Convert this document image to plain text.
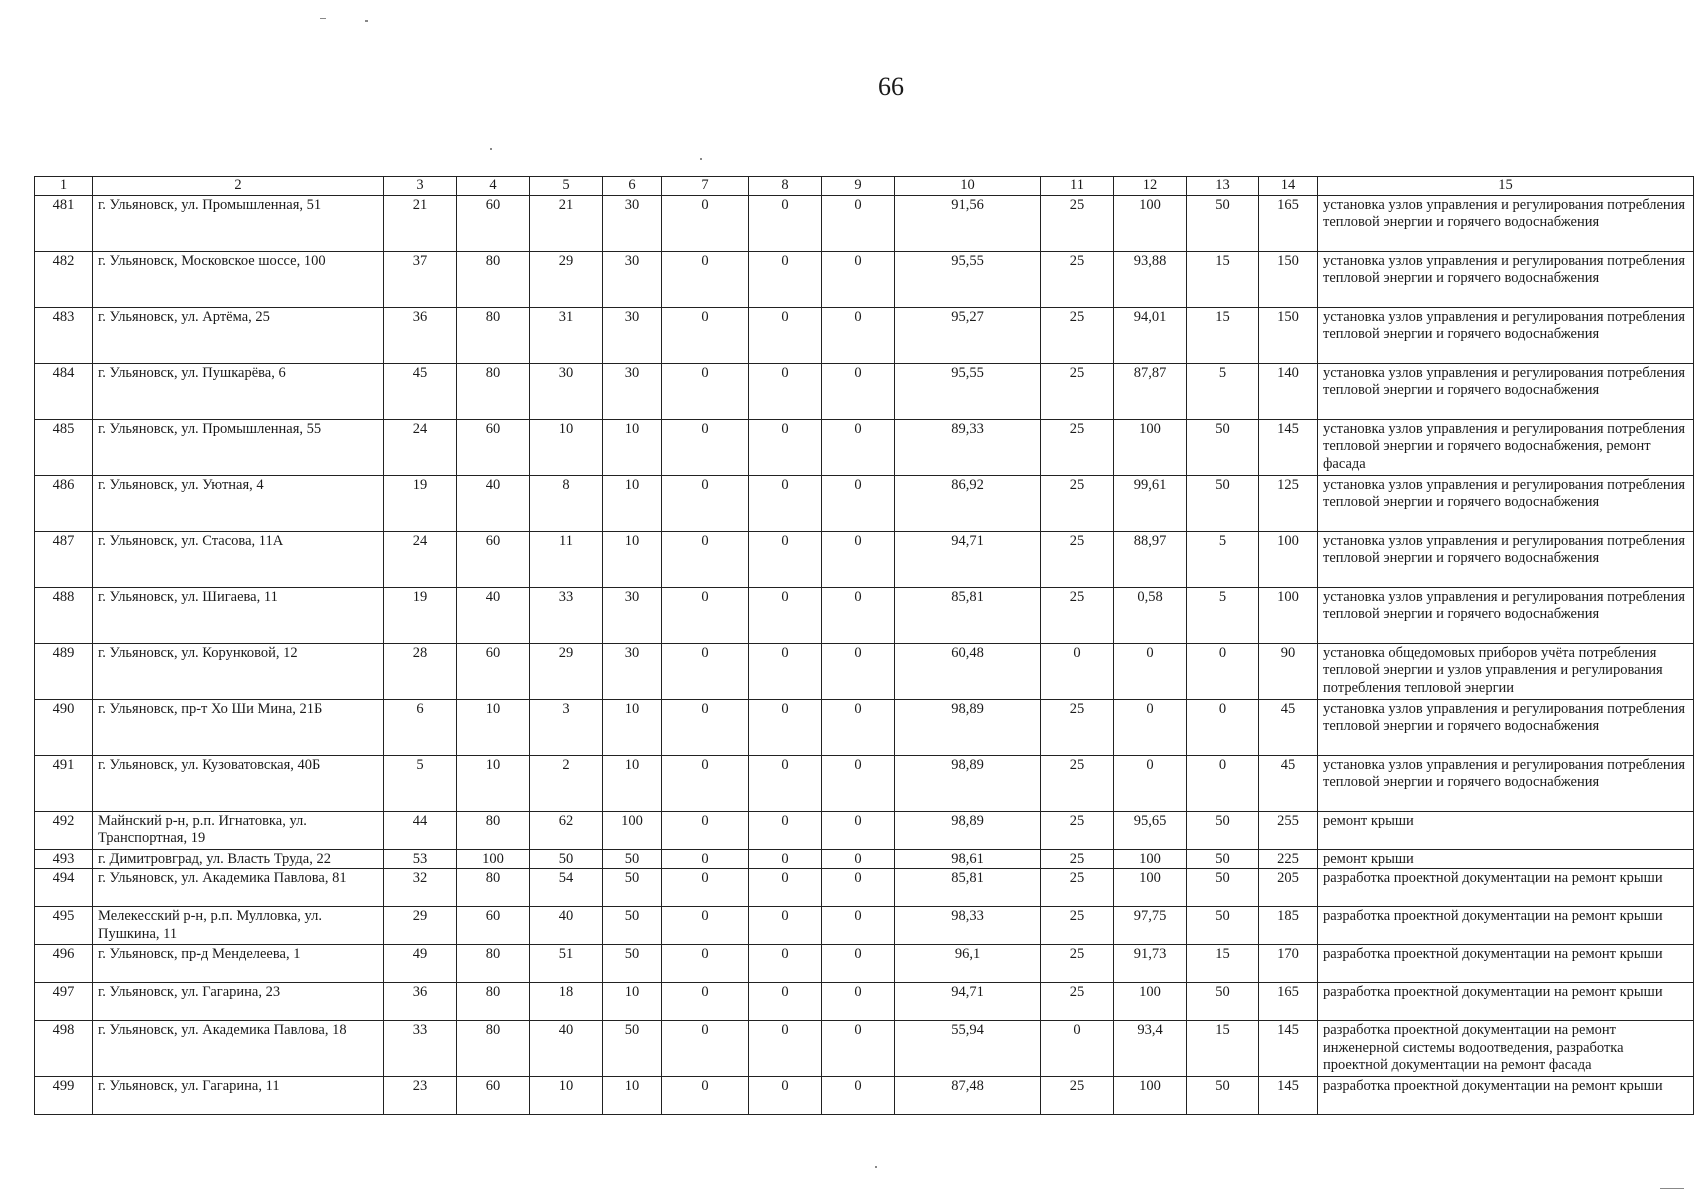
66
1	2	3	4	5	6	7	8	9	10	11	12	13	14	15
481	г. Ульяновск, ул. Промышленная, 51	21	60	21	30	0	0	0	91,56	25	100	50	165	установка узлов управления и регулирования потребления тепловой энергии и горячего водоснабжения
482	г. Ульяновск, Московское шоссе, 100	37	80	29	30	0	0	0	95,55	25	93,88	15	150	установка узлов управления и регулирования потребления тепловой энергии и горячего водоснабжения
483	г. Ульяновск, ул. Артёма, 25	36	80	31	30	0	0	0	95,27	25	94,01	15	150	установка узлов управления и регулирования потребления тепловой энергии и горячего водоснабжения
484	г. Ульяновск, ул. Пушкарёва, 6	45	80	30	30	0	0	0	95,55	25	87,87	5	140	установка узлов управления и регулирования потребления тепловой энергии и горячего водоснабжения
485	г. Ульяновск, ул. Промышленная, 55	24	60	10	10	0	0	0	89,33	25	100	50	145	установка узлов управления и регулирования потребления тепловой энергии и горячего водоснабжения, ремонт фасада
486	г. Ульяновск, ул. Уютная, 4	19	40	8	10	0	0	0	86,92	25	99,61	50	125	установка узлов управления и регулирования потребления тепловой энергии и горячего водоснабжения
487	г. Ульяновск, ул. Стасова, 11А	24	60	11	10	0	0	0	94,71	25	88,97	5	100	установка узлов управления и регулирования потребления тепловой энергии и горячего водоснабжения
488	г. Ульяновск, ул. Шигаева, 11	19	40	33	30	0	0	0	85,81	25	0,58	5	100	установка узлов управления и регулирования потребления тепловой энергии и горячего водоснабжения
489	г. Ульяновск, ул. Корунковой, 12	28	60	29	30	0	0	0	60,48	0	0	0	90	установка общедомовых приборов учёта потребления тепловой энергии и узлов управления и регулирования потребления тепловой энергии
490	г. Ульяновск, пр-т Хо Ши Мина, 21Б	6	10	3	10	0	0	0	98,89	25	0	0	45	установка узлов управления и регулирования потребления тепловой энергии и горячего водоснабжения
491	г. Ульяновск, ул. Кузоватовская, 40Б	5	10	2	10	0	0	0	98,89	25	0	0	45	установка узлов управления и регулирования потребления тепловой энергии и горячего водоснабжения
492	Майнский р-н, р.п. Игнатовка, ул. Транспортная, 19	44	80	62	100	0	0	0	98,89	25	95,65	50	255	ремонт крыши
493	г. Димитровград, ул. Власть Труда, 22	53	100	50	50	0	0	0	98,61	25	100	50	225	ремонт крыши
494	г. Ульяновск, ул. Академика Павлова, 81	32	80	54	50	0	0	0	85,81	25	100	50	205	разработка проектной документации на ремонт крыши
495	Мелекесский р-н, р.п. Мулловка, ул. Пушкина, 11	29	60	40	50	0	0	0	98,33	25	97,75	50	185	разработка проектной документации на ремонт крыши
496	г. Ульяновск, пр-д Менделеева, 1	49	80	51	50	0	0	0	96,1	25	91,73	15	170	разработка проектной документации на ремонт крыши
497	г. Ульяновск, ул. Гагарина, 23	36	80	18	10	0	0	0	94,71	25	100	50	165	разработка проектной документации на ремонт крыши
498	г. Ульяновск, ул. Академика Павлова, 18	33	80	40	50	0	0	0	55,94	0	93,4	15	145	разработка проектной документации на ремонт инженерной системы водоотведения, разработка проектной документации на ремонт фасада
499	г. Ульяновск, ул. Гагарина, 11	23	60	10	10	0	0	0	87,48	25	100	50	145	разработка проектной документации на ремонт крыши
